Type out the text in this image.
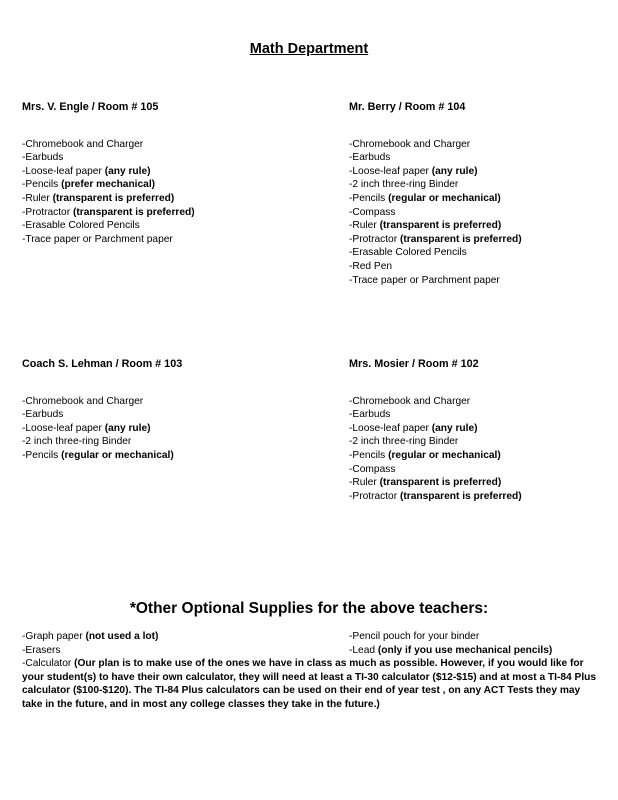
Math Department
Mrs. V. Engle / Room # 105
-Chromebook and Charger
-Earbuds
-Loose-leaf paper (any rule)
-Pencils (prefer mechanical)
-Ruler (transparent is preferred)
-Protractor (transparent is preferred)
-Erasable Colored Pencils
-Trace paper or Parchment paper
Mr. Berry / Room # 104
-Chromebook and Charger
-Earbuds
-Loose-leaf paper (any rule)
-2 inch three-ring Binder
-Pencils (regular or mechanical)
-Compass
-Ruler (transparent is preferred)
-Protractor (transparent is preferred)
-Erasable Colored Pencils
-Red Pen
-Trace paper or Parchment paper
Coach S. Lehman / Room # 103
-Chromebook and Charger
-Earbuds
-Loose-leaf paper (any rule)
-2 inch three-ring Binder
-Pencils (regular or mechanical)
Mrs. Mosier / Room # 102
-Chromebook and Charger
-Earbuds
-Loose-leaf paper (any rule)
-2 inch three-ring Binder
-Pencils (regular or mechanical)
-Compass
-Ruler (transparent is preferred)
-Protractor (transparent is preferred)
*Other Optional Supplies for the above teachers:
-Graph paper (not used a lot)
-Erasers
-Pencil pouch for your binder
-Lead (only if you use mechanical pencils)
-Calculator (Our plan is to make use of the ones we have in class as much as possible. However, if you would like for your student(s) to have their own calculator, they will need at least a TI-30 calculator ($12-$15) and at most a TI-84 Plus calculator ($100-$120). The TI-84 Plus calculators can be used on their end of year test , on any ACT Tests they may take in the future, and in most any college classes they take in the future.)
